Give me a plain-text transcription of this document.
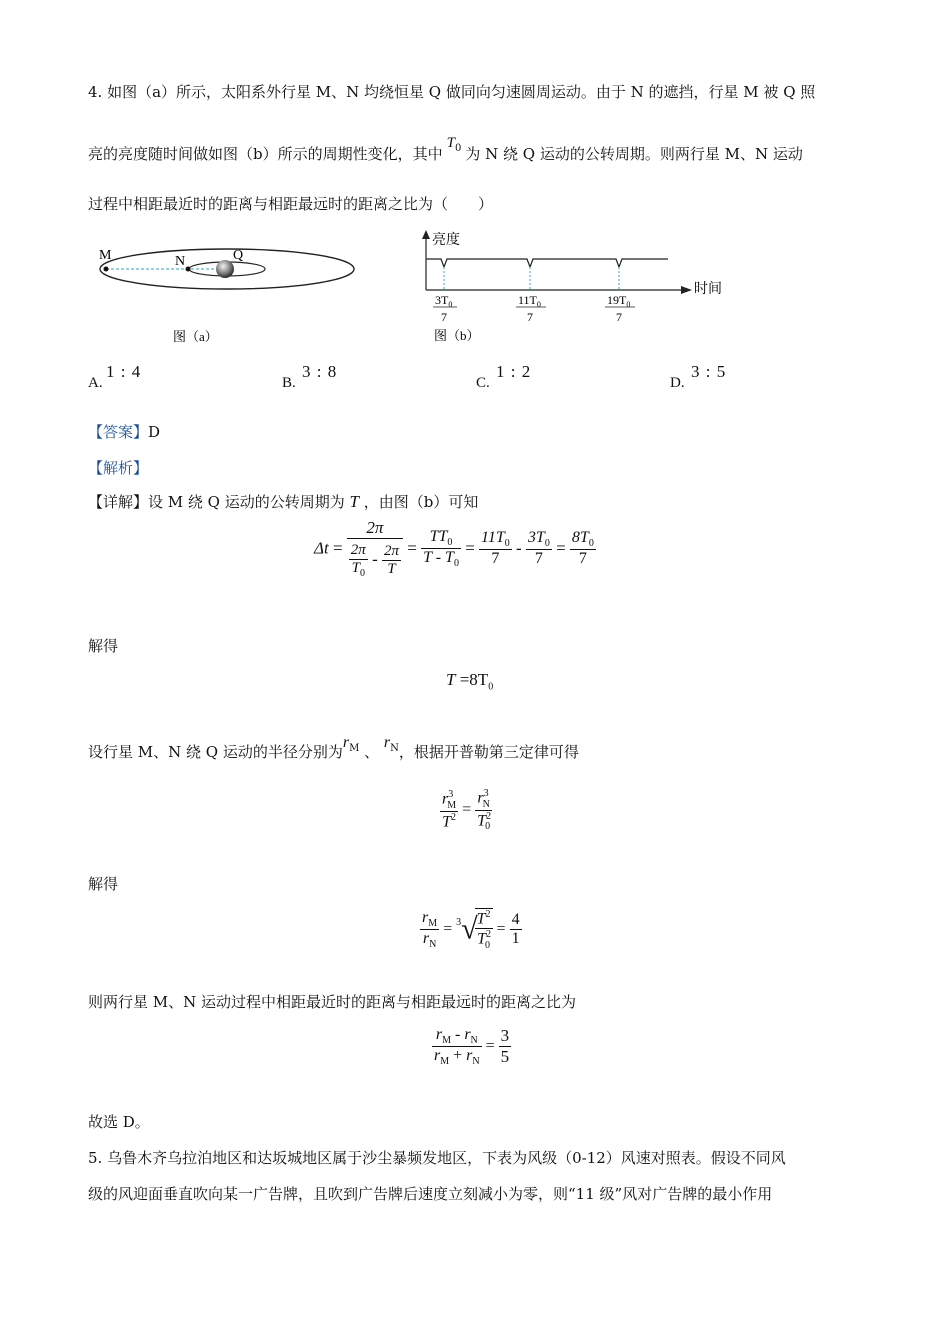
4. 如图（a）所示，太阳系外行星 M、N 均绕恒星 Q 做同向匀速圆周运动。由于 N 的遮挡，行星 M 被 Q 照
亮的亮度随时间做如图（b）所示的周期性变化，其中$T_0$ 为 N 绕 Q 运动的公转周期。则两行星 M、N 运动
过程中相距最近时的距离与相距最远时的距离之比为（　　）
M	N	Q
图（a）
亮度
时间
$3T_0$
7
$11T_0$
7
$19T_0$
7
图（b）
A.
1 : 4
B.
3 : 8
C.
1 : 2
D.
3 : 5
【答案】D
【解析】
【详解】设 M 绕 Q 运动的公转周期为 T ，由图（b）可知
$\Delta t = \frac{2\pi}{\frac{2\pi}{T_0} - \frac{2\pi}{T}} = \frac{TT_0}{T - T_0} = \frac{11T_0}{7} - \frac{3T_0}{7} = \frac{8T_0}{7}$
解得
$T =8T_0$
设行星 M、N 绕 Q 运动的半径分别为$r_M$ 、 $r_N$，根据开普勒第三定律可得
$\frac{r^3_M}{T^2} = \frac{r^3_N}{T^2_0}$
解得
$\frac{r_M}{r_N} = ^3√$
$\frac{T^2}{T^2_0} = \frac{4}{1}$
则两行星 M、N 运动过程中相距最近时的距离与相距最远时的距离之比为
$\frac{r_M - r_N}{r_M + r_N} = \frac{3}{5}$
故选 D。
5. 乌鲁木齐乌拉泊地区和达坂城地区属于沙尘暴频发地区，下表为风级（0-12）风速对照表。假设不同风
级的风迎面垂直吹向某一广告牌，且吹到广告牌后速度立刻减小为零，则“11 级”风对广告牌的最小作用
